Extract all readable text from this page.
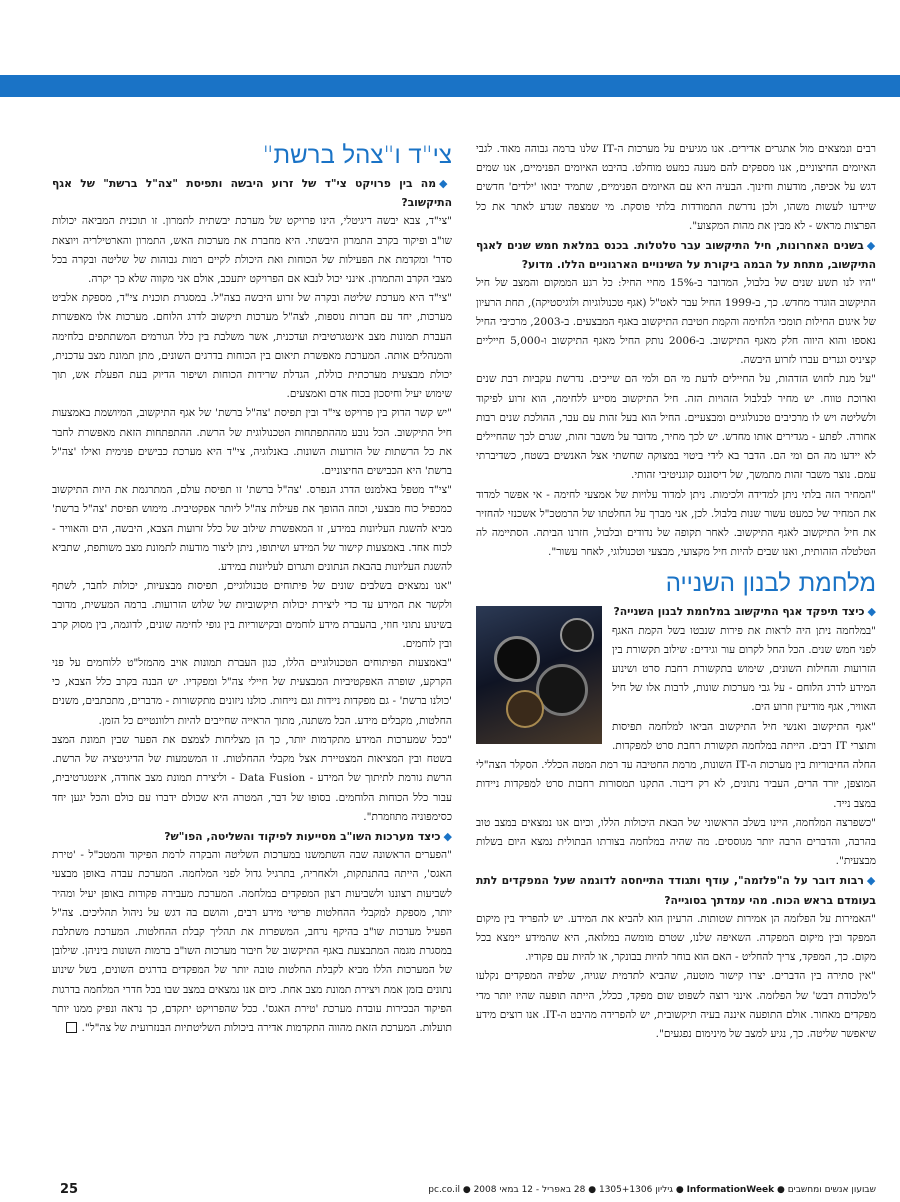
רבים ונמצאים מול אתגרים אדירים. אנו מגיעים על מערכות ה-IT שלנו ברמה גבוהה מאוד. לגבי האיומים החיצוניים, אנו מספקים להם מענה כמעט מוחלט. בהיבט האיומים הפנימיים, אנו שמים דגש על אכיפה, מודעות וחינוך. הבעיה היא עם האיומים הפנימיים, שתמיד יבואו 'ילדים' חדשים שיידעו לעשות משהו, ולכן נדרשת התמודדות בלתי פוסקת. מי שמצפה שנדע לאתר את כל הפרצות מראש - לא מבין את מהות המקצוע".

◆בשנים האחרונות, חיל התיקשוב עבר טלטלות. בכנס במלאת חמש שנים לאגף התיקשוב, מתחת על הבמה ביקורת על השינויים הארגוניים הללו. מדוע?

"היו לנו תשע שנים של בלבול, המדובר ב-15% מחיי החיל: כל רגע הממקום והמצב של חיל התיקשוב הוגדר מחדש. כך, ב-1999 החיל עבר לאט"ל (אגף טכנולוגיות ולוגיסטיקה), תחת הרעיון של איגום החילות תומכי הלחימה והקמת חטיבת התיקשוב באגף המבצעים. ב-2003, מרכיבי החיל נאספו והוא היווה חלק מאגף התיקשוב. ב-2006 נותק החיל מאגף התיקשוב ו-5,000 חייליים קציניס וגנרים עברו לזרוע היבשה.

"על מנת לחוש הזדהות, על החיילים לדעת מי הם ולמי הם שייכים. נדרשת עקביות רבת שנים וארוכת טווח. יש מחיר לבלבול הזהויות הזה. חיל התיקשוב מסייע ללחימה, הוא זרוע לפיקוד ולשליטה ויש לו מרכיבים טכנולוגיים ומבצעיים. החיל הוא בעל זהות עם עבר, ההולכת שנים רבות אחורה. לפתע - מגדירים אותו מחדש. יש לכך מחיר, מדובר על משבר זהות, שגרם לכך שהחיילים לא יידעו מה הם ומי הם. הדבר בא לידי ביטוי במצוקה שחשתי אצל האנשים בשטח, כשדיברתי עמם. נוצר משבר זהות מתמשך, של דיסוננס קוגניטיבי זהותי.

"המחיר הזה בלתי ניתן למדידה ולכימות. ניתן למדוד עלויות של אמצעי לחימה - אי אפשר למדוד את המחיר של כמעט עשור שנות בלבול. לכן, אני מברך על החלטתו של הרמטכ"ל אשכנזי להחזיר את חיל התיקשוב לאגף התיקשוב. לאחר תקופה של נדודים ובלבול, חזרנו הביתה. הסתיימה לה הטלטלה הזהותית, ואנו שבים להיות חיל מקצועי, מבצעי וטכנולוגי, לאחר עשור".

מלחמת לבנון השנייה

◆כיצד תיפקד אגף התיקשוב במלחמת לבנון השנייה?

"במלחמה ניתן היה לראות את פירות שנבטו בשל הקמת האגף לפני חמש שנים. הכל החל לקרום עור וגידים: שילוב תקשורת בין הזרועות והחילות השונים, שימוש בתקשורת רחבת סרט ושינוע המידע לדרג הלוחם - על גבי מערכות שונות, לרבות אלו של חיל האוויר, אגף מודיעין וזרוע הים.

"אגף התיקשוב ואנשי חיל התיקשוב הביאו למלחמה תפיסות ותוצרי IT רבים. הייתה במלחמה תקשורת רחבת סרט למפקדות. החלה החיבוריות בין מערכות ה-IT השונות, מרמת החטיבה עד רמת המטה הכללי. הסקלר הצה"לי המוצפן, יורד הרים, העביר נתונים, לא רק דיבור. התקנו תמסורות רחבות סרט למפקדות ניידות במצב נייד.

"כשפרצה המלחמה, היינו בשלב הראשוני של הבאת היכולות הללו, וכיום אנו נמצאים במצב טוב בהרבה, והדברים הרבה יותר מגוססים. מה שהיה במלחמה בצורתו הבתולית נמצא היום בשלות מבצעית".

◆רבות דובר על ה"פלזמה", עודף ותגודד התייחסה לדוגמה שעל המפקדים לתת בעומדם בראש הכוח. מהי עמדתך בסוגייה?

"האמירות על הפלזמה הן אמירות שטותות. הרעיון הוא להביא את המידע. יש להפריד בין מיקום המפקד ובין מיקום המפקדה. השאיפה שלנו, שטרם מומשה במלואה, היא שהמידע יימצא בכל מקום. כך, המפקד, צריך להחליט - האם הוא בוחר להיות בבונקר, או להיות עם פקודיו.

"אין סתירה בין הדברים. יצרו קישור מוטעה, שהביא לתדמית שגויה, שלפיה המפקדים נקלעו ל'מלכודת דבש' של הפלזמה. אינני רוצה לשפוט שום מפקד, ככלל, הייתה תופעה שהיו יותר מדי מפקדים מאחור. אולם התופעה איננה בעיה תיקשובית, יש להפרידה מהיבט ה-IT. אנו רוצים מידע שיאפשר שליטה. כך, נגיע למצב של מינימום נפגעים".

צי"ד ו"צהל ברשת"

◆מה בין פרויקט צי"ד של זרוע היבשה ותפיסת "צה"ל ברשת" של אגף התיקשוב?

"צי"ד, צבא יבשה דיגיטלי, הינו פרויקט של מערכת יבשתית לתמרון. זו תוכנית המביאה יכולות שו"ב ופיקוד בקרב התמרון היבשתי. היא מחברת את מערכות האש, התמרון והארטילריה ויוצאת סדר' ומקדמת את הפעילות של הכוחות ואת היכולת לקיים רמות גבוהות של שליטה ובקרה בכל מצבי הקרב והתמרון. אינני יכול לנבא אם הפרויקט יתעכב, אולם אני מקווה שלא כך יקרה.

"צי"ד היא מערכת שליטה ובקרה של זרוע היבשה בצה"ל. במסגרת תוכנית צי"ד, מספקת אלביט מערכות, יחד עם חברות נוספות, לצה"ל מערכות תיקשוב לדרג הלוחם. מערכות אלו מאפשרות העברת תמונות מצב אינטגרטיבית ועדכנית, אשר משלבת בין כלל הגורמים המשתתפים בלחימה והמנהלים אותה. המערכת מאפשרת תיאום בין הכוחות בדרגים השונים, מתן תמונת מצב עדכנית, יכולת מבצעית מערכתית כוללת, הגדלת שרידות הכוחות ושיפור הדיוק בעת הפעלת אש, תוך שימוש יעיל וחיסכון בכוח אדם ואמצעים.

"יש קשר הדוק בין פרויקט צי"ד ובין תפיסת 'צה"ל ברשת' של אגף התיקשוב, המיושמת באמצעות חיל התיקשוב. הכל נובע מההתפתחות הטכנולוגית של הרשת. ההתפתחות הזאת מאפשרת לחבר את כל הרשתות של הזרועות השונות. באנלוגיה, צי"ד היא מערכת כבישים פנימית ואילו 'צה"ל ברשת' היא הכבישים החיצוניים.

"צי"ד מטפל באלמנט הדרג הנפרס. 'צה"ל ברשת' זו תפיסת עולם, המתרגמת את היות התיקשוב כמכפיל כוח מבצעי, וכוזה ההופך את פעילות צה"ל ליותר אפקטיבית. מימוש תפיסת 'צה"ל ברשת' מביא להשגת העליונות במידע, זו המאפשרת שילוב של כלל זרועות הצבא, היבשה, הים והאוויר - לכוח אחד. באמצעות קישור של המידע ושיתופו, ניתן ליצור מודעות לתמונת מצב משותפת, שתביא להשגת העליונות בהבאת הנתונים ותגרום לעליונות במידע.

"אנו נמצאים בשלבים שונים של פיתוחים טכנולוגיים, תפיסות מבצעיות, יכולות לחבר, לשתף ולקשר את המידע עד כדי ליצירת יכולות תיקשוביות של שלוש הזרועות. ברמה המעשית, מדובר בשינוע נתוני חוזי, בהעברת מידע לוחמים ובקישוריות בין גופי לחימה שונים, לדוגמה, בין מסוק קרב ובין לוחמים.

"באמצעות הפיתוחים הטכנולוגיים הללו, כגון העברת תמונות אויב מהמזל"ט ללוחמים על פני הקרקע, שופרה האפקטיביות המבצעית של חיילי צה"ל ומפקדיו. יש הבנה בקרב כלל הצבא, כי 'כולנו ברשת' - גם מפקדות ניידות וגם נייחות. כולנו ניזונים מתקשורות - מדברים, מתכתבים, משנים החלטות, מקבלים מידע. הכל משתנה, מתוך הראייה שחייבים להיות רלוונטיים כל הזמן.

"ככל שמערכות המידע מתקדמות יותר, כך הן מצליחות לצמצם את הפער שבין תמונת המצב בשטח ובין המציאות המצטיירת אצל מקבלי ההחלטות. זו המשמעות של הדיגיטציה של הרשת. הרשת גורמת לתיתוך של המידע - Data Fusion - וליצירת תמונת מצב אחודה, אינטגרטיבית, עבור כלל הכוחות הלוחמים. בסופו של דבר, המטרה היא שכולם ידברו עם כולם והכל יגען יחד כסימפוניה מתוזמרת".

◆כיצד מערכות השו"ב מסייעות לפיקוד והשליטה, הפו"ש?

"הפערים הראשונה שבה השתמשנו במערכות השליטה והבקרה לרמת הפיקוד והמטכ"ל - 'טירת האגס', הייתה בהתנתקות, ולאחריה, בתרגיל גדול לפני המלחמה. המערכת עבדה באופן מבצעי לשביעות רצוננו ולשביעות רצון המפקדים במלחמה. המערכת מעבירה פקודות באופן יעיל ומהיר יותר, מספקת למקבלי ההחלטות פריטי מידע רבים, והושם בה דגש על ניהול תהליכים. צה"ל הפעיל מערכות שו"ב בהיקף נרחב, המשפרות את תהליך קבלת ההחלטות. המערכת משתלבת במסגרת מגמה המתבצעת באגף התיקשוב של חיבור מערכות השו"ב ברמות השונות ביניהן. שילובן של המערכות הללו מביא לקבלת החלטות טובה יותר של המפקדים בדרגים השונים, בשל שינוע נתונים בזמן אמת ויצירת תמונת מצב אחת. כיום אנו נמצאים במצב שבו בכל חדרי המלחמה בדרגות הפיקוד הבכירות עובדת מערכת 'טירת האגס'. ככל שהפרויקט יתקדם, כך נראה ונפיק ממנו יותר תועלות. המערכת הזאת מהווה התקדמות אדירה ביכולות השליטתיות הבנזרועית של צה"ל".

שבועון אנשים ומחשבים ● InformationWeek ● גיליון 1305+1306 ● 28 באפריל - 12 במאי 2008 ● pc.co.il
25
